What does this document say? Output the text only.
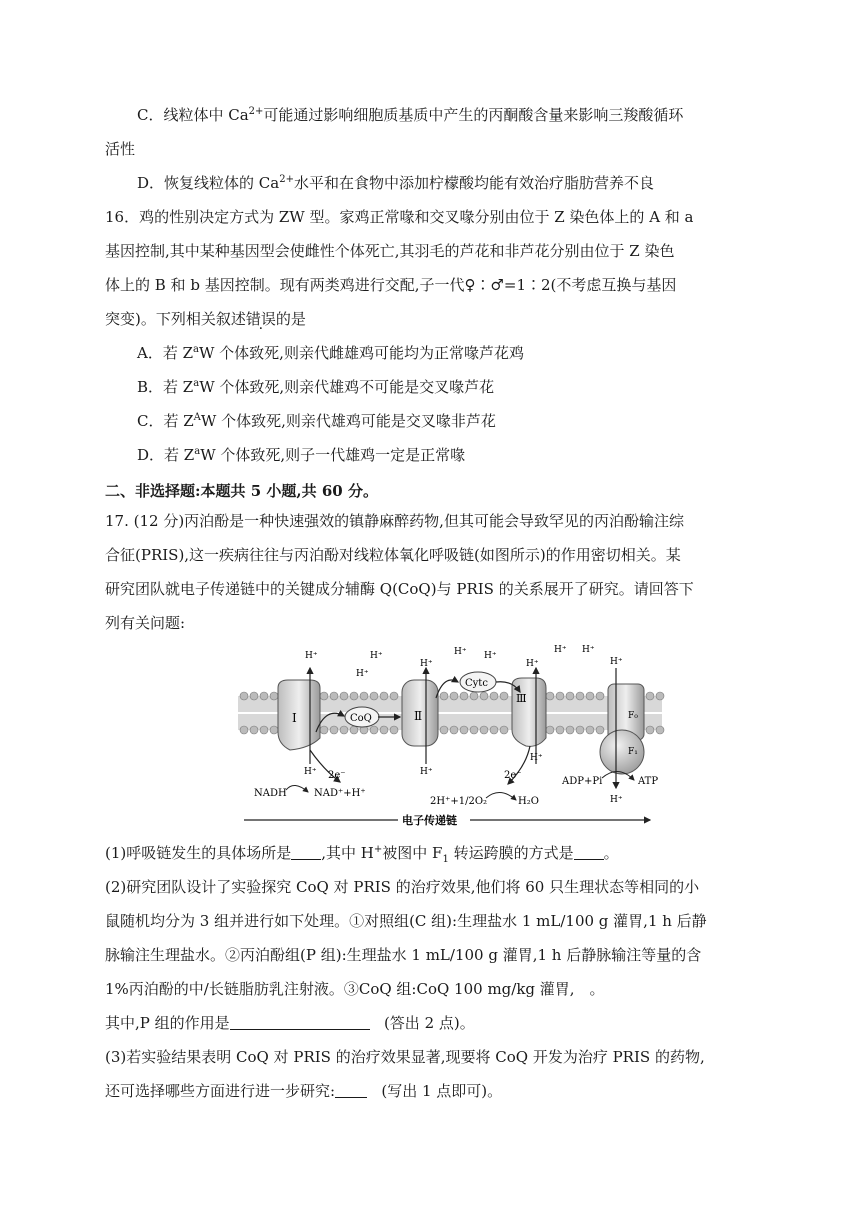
C．线粒体中 $Ca^{2+}$可能通过影响细胞质基质中产生的丙酮酸含量来影响三羧酸循环
活性
D．恢复线粒体的 $Ca^{2+}$水平和在食物中添加柠檬酸均能有效治疗脂肪营养不良
16．鸡的性别决定方式为 ZW 型。家鸡正常喙和交叉喙分别由位于 Z 染色体上的 A 和 a
基因控制,其中某种基因型会使雌性个体死亡,其羽毛的芦花和非芦花分别由位于 Z 染色
体上的 B 和 b 基因控制。现有两类鸡进行交配,子一代♀∶♂=1∶2(不考虑互换与基因
突变)。下列相关叙述错误的是
A．若 $Z^aW$ 个体致死,则亲代雌雄鸡可能均为正常喙芦花鸡
B．若 $Z^aW$ 个体致死,则亲代雄鸡不可能是交叉喙芦花
C．若 $Z^AW$ 个体致死,则亲代雄鸡可能是交叉喙非芦花
D．若 $Z^aW$ 个体致死,则子一代雄鸡一定是正常喙
二、非选择题:本题共 5 小题,共 60 分。
17. (12 分)丙泊酚是一种快速强效的镇静麻醉药物,但其可能会导致罕见的丙泊酚输注综
合征(PRIS),这一疾病往往与丙泊酚对线粒体氧化呼吸链(如图所示)的作用密切相关。某
研究团队就电子传递链中的关键成分辅酶 Q(CoQ)与 PRIS 的关系展开了研究。请回答下
列有关问题:
Ⅰ	Ⅱ
Ⅲ
F₀
F₁
CoQ
Cytc
H⁺	H⁺
H⁺
H⁺
H⁺ H⁺
H⁺
H⁺ H⁺
H⁺
H⁺	H⁺
H⁺
H⁺
2e⁻	2e⁻
NADH	NAD⁺+H⁺
2H⁺+1/2O₂	H₂O
ADP+Pi	ATP
电子传递链
(1)呼吸链发生的具体场所是 ,其中 H+被图中 $F_1$ 转运跨膜的方式是 。
(2)研究团队设计了实验探究 CoQ 对 PRIS 的治疗效果,他们将 60 只生理状态等相同的小
鼠随机均分为 3 组并进行如下处理。①对照组(C 组):生理盐水 1 mL/100 g 灌胃,1 h 后静
脉输注生理盐水。②丙泊酚组(P 组):生理盐水 1 mL/100 g 灌胃,1 h 后静脉输注等量的含
1%丙泊酚的中/长链脂肪乳注射液。③CoQ 组:CoQ 100 mg/kg 灌胃,　。
其中,P 组的作用是	(答出 2 点)。
(3)若实验结果表明 CoQ 对 PRIS 的治疗效果显著,现要将 CoQ 开发为治疗 PRIS 的药物,
还可选择哪些方面进行进一步研究:	(写出 1 点即可)。
